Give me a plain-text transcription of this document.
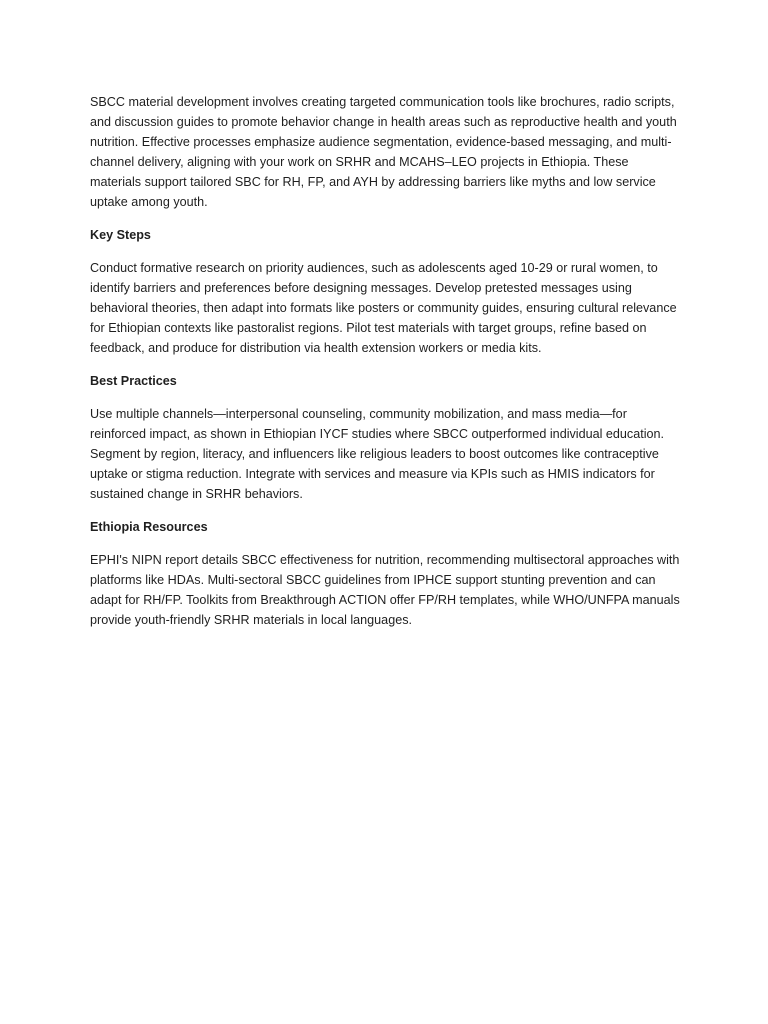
SBCC material development involves creating targeted communication tools like brochures, radio scripts, and discussion guides to promote behavior change in health areas such as reproductive health and youth nutrition. Effective processes emphasize audience segmentation, evidence-based messaging, and multi-channel delivery, aligning with your work on SRHR and MCAHS–LEO projects in Ethiopia. These materials support tailored SBC for RH, FP, and AYH by addressing barriers like myths and low service uptake among youth.

Key Steps

Conduct formative research on priority audiences, such as adolescents aged 10-29 or rural women, to identify barriers and preferences before designing messages. Develop pretested messages using behavioral theories, then adapt into formats like posters or community guides, ensuring cultural relevance for Ethiopian contexts like pastoralist regions. Pilot test materials with target groups, refine based on feedback, and produce for distribution via health extension workers or media kits.

Best Practices

Use multiple channels—interpersonal counseling, community mobilization, and mass media—for reinforced impact, as shown in Ethiopian IYCF studies where SBCC outperformed individual education. Segment by region, literacy, and influencers like religious leaders to boost outcomes like contraceptive uptake or stigma reduction. Integrate with services and measure via KPIs such as HMIS indicators for sustained change in SRHR behaviors.

Ethiopia Resources

EPHI's NIPN report details SBCC effectiveness for nutrition, recommending multisectoral approaches with platforms like HDAs. Multi-sectoral SBCC guidelines from IPHCE support stunting prevention and can adapt for RH/FP. Toolkits from Breakthrough ACTION offer FP/RH templates, while WHO/UNFPA manuals provide youth-friendly SRHR materials in local languages.
